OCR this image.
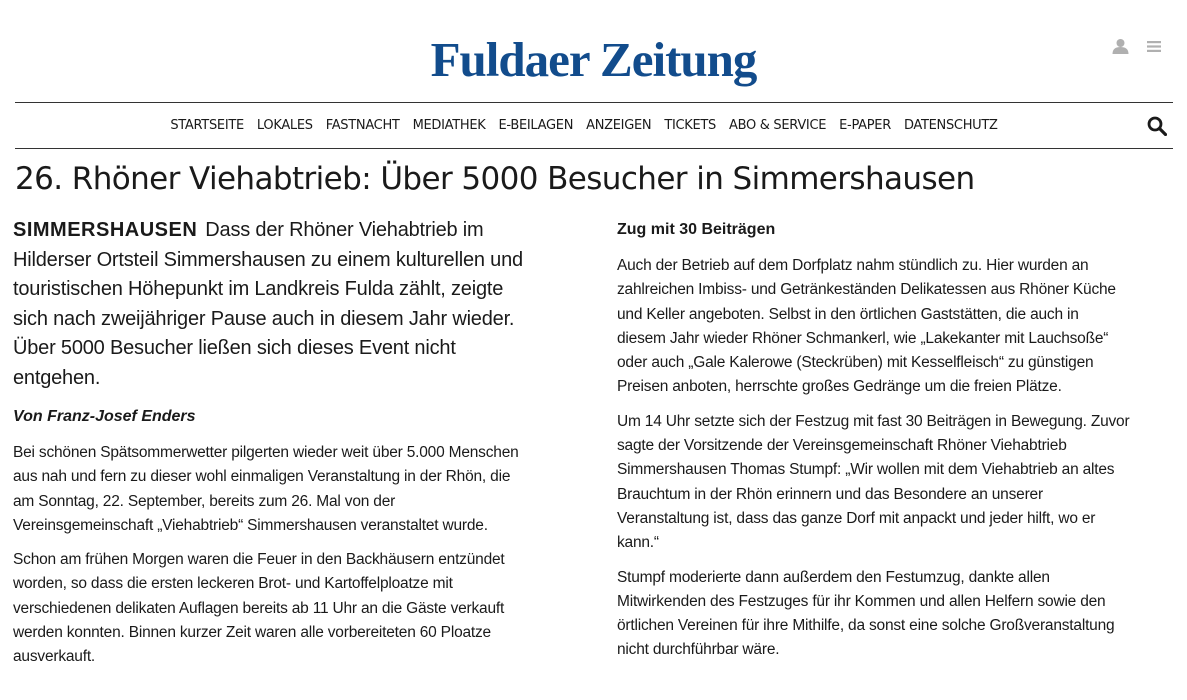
Fuldaer Zeitung
STARTSEITE LOKALES FASTNACHT MEDIATHEK E-BEILAGEN ANZEIGEN TICKETS ABO & SERVICE E-PAPER DATENSCHUTZ
26. Rhöner Viehabtrieb: Über 5000 Besucher in Simmershausen

SIMMERSHAUSEN Dass der Rhöner Viehabtrieb im Hilderser Ortsteil Simmershausen zu einem kulturellen und touristischen Höhepunkt im Landkreis Fulda zählt, zeigte sich nach zweijähriger Pause auch in diesem Jahr wieder. Über 5000 Besucher ließen sich dieses Event nicht entgehen.

Von Franz-Josef Enders

Bei schönen Spätsommerwetter pilgerten wieder weit über 5.000 Menschen aus nah und fern zu dieser wohl einmaligen Veranstaltung in der Rhön, die am Sonntag, 22. September, bereits zum 26. Mal von der Vereinsgemeinschaft „Viehabtrieb“ Simmershausen veranstaltet wurde.

Schon am frühen Morgen waren die Feuer in den Backhäusern entzündet worden, so dass die ersten leckeren Brot- und Kartoffelploatze mit verschiedenen delikaten Auflagen bereits ab 11 Uhr an die Gäste verkauft werden konnten. Binnen kurzer Zeit waren alle vorbereiteten 60 Ploatze ausverkauft.

Zug mit 30 Beiträgen

Auch der Betrieb auf dem Dorfplatz nahm stündlich zu. Hier wurden an zahlreichen Imbiss- und Getränkeständen Delikatessen aus Rhöner Küche und Keller angeboten. Selbst in den örtlichen Gaststätten, die auch in diesem Jahr wieder Rhöner Schmankerl, wie „Lakekanter mit Lauchsoße“ oder auch „Gale Kalerowe (Steckrüben) mit Kesselfleisch“ zu günstigen Preisen anboten, herrschte großes Gedränge um die freien Plätze.

Um 14 Uhr setzte sich der Festzug mit fast 30 Beiträgen in Bewegung. Zuvor sagte der Vorsitzende der Vereinsgemeinschaft Rhöner Viehabtrieb Simmershausen Thomas Stumpf: „Wir wollen mit dem Viehabtrieb an altes Brauchtum in der Rhön erinnern und das Besondere an unserer Veranstaltung ist, dass das ganze Dorf mit anpackt und jeder hilft, wo er kann.“

Stumpf moderierte dann außerdem den Festumzug, dankte allen Mitwirkenden des Festzuges für ihr Kommen und allen Helfern sowie den örtlichen Vereinen für ihre Mithilfe, da sonst eine solche Großveranstaltung nicht durchführbar wäre.
